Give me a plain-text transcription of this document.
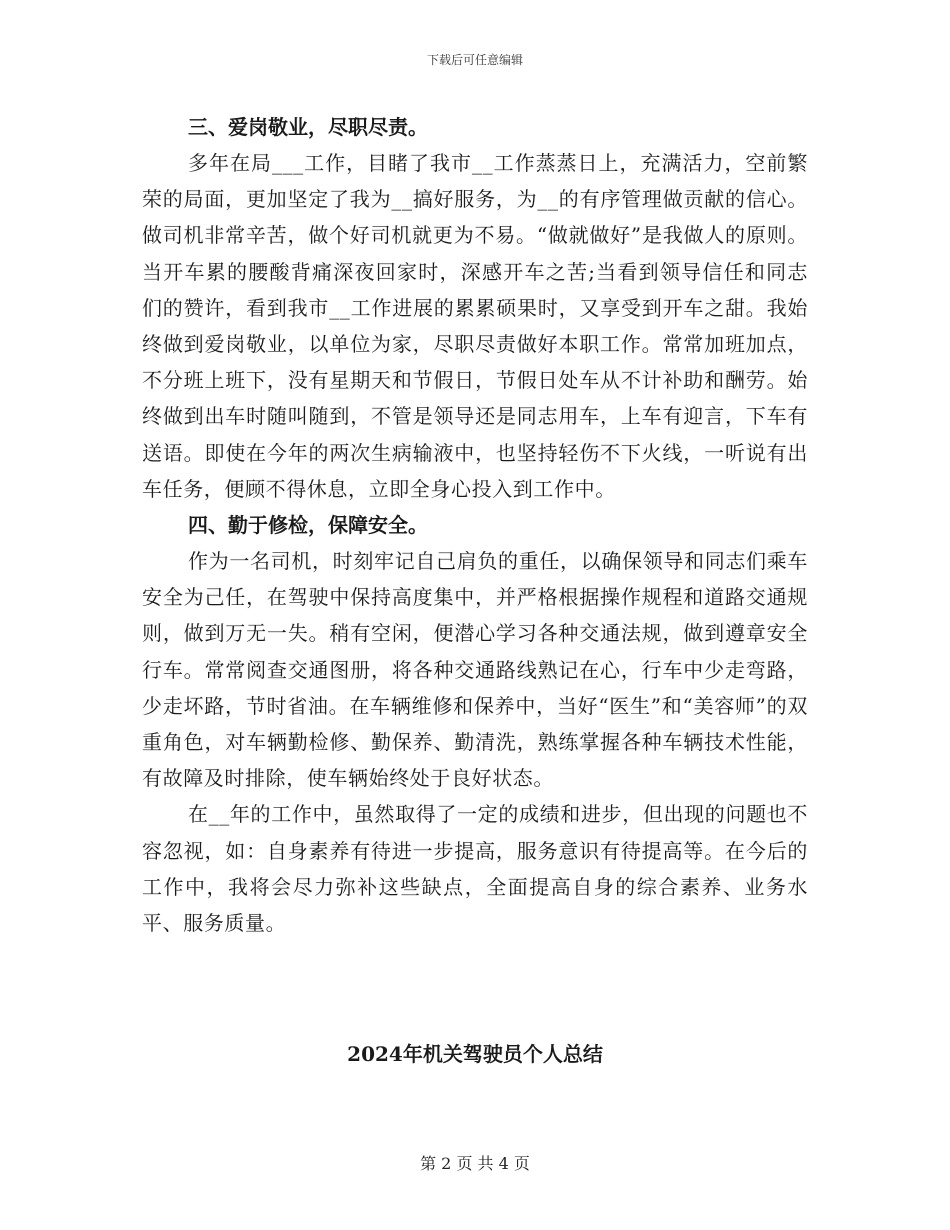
下载后可任意编辑
三、爱岗敬业，尽职尽责。

多年在局___工作，目睹了我市__工作蒸蒸日上，充满活力，空前繁荣的局面，更加坚定了我为__搞好服务，为__的有序管理做贡献的信心。做司机非常辛苦，做个好司机就更为不易。“做就做好”是我做人的原则。当开车累的腰酸背痛深夜回家时，深感开车之苦;当看到领导信任和同志们的赞许，看到我市__工作进展的累累硕果时，又享受到开车之甜。我始终做到爱岗敬业，以单位为家，尽职尽责做好本职工作。常常加班加点，不分班上班下，没有星期天和节假日，节假日处车从不计补助和酬劳。始终做到出车时随叫随到，不管是领导还是同志用车，上车有迎言，下车有送语。即使在今年的两次生病输液中，也坚持轻伤不下火线，一听说有出车任务，便顾不得休息，立即全身心投入到工作中。

四、勤于修检，保障安全。

作为一名司机，时刻牢记自己肩负的重任，以确保领导和同志们乘车安全为己任，在驾驶中保持高度集中，并严格根据操作规程和道路交通规则，做到万无一失。稍有空闲，便潜心学习各种交通法规，做到遵章安全行车。常常阅查交通图册，将各种交通路线熟记在心，行车中少走弯路，少走坏路，节时省油。在车辆维修和保养中，当好“医生”和“美容师”的双重角色，对车辆勤检修、勤保养、勤清洗，熟练掌握各种车辆技术性能，有故障及时排除，使车辆始终处于良好状态。

在__年的工作中，虽然取得了一定的成绩和进步，但出现的问题也不容忽视，如：自身素养有待进一步提高，服务意识有待提高等。在今后的工作中，我将会尽力弥补这些缺点，全面提高自身的综合素养、业务水平、服务质量。

2024年机关驾驶员个人总结
第 2 页 共 4 页
